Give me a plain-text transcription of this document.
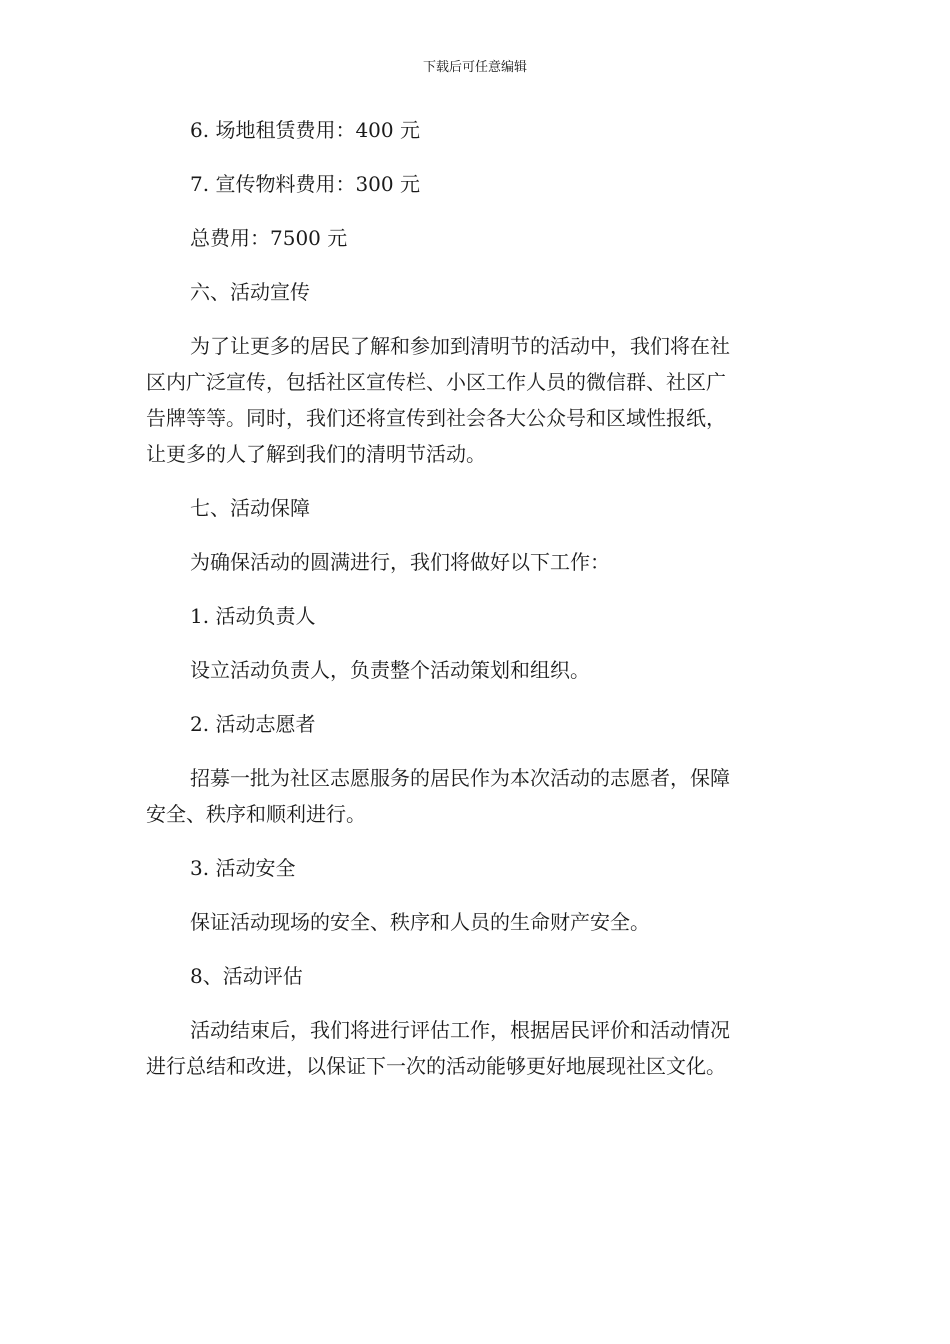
下载后可任意编辑

6. 场地租赁费用：400 元

7. 宣传物料费用：300 元

总费用：7500 元

六、活动宣传

为了让更多的居民了解和参加到清明节的活动中，我们将在社
区内广泛宣传，包括社区宣传栏、小区工作人员的微信群、社区广
告牌等等。同时，我们还将宣传到社会各大公众号和区域性报纸，
让更多的人了解到我们的清明节活动。

七、活动保障

为确保活动的圆满进行，我们将做好以下工作：

1. 活动负责人

设立活动负责人，负责整个活动策划和组织。

2. 活动志愿者

招募一批为社区志愿服务的居民作为本次活动的志愿者，保障
安全、秩序和顺利进行。

3. 活动安全

保证活动现场的安全、秩序和人员的生命财产安全。

8、活动评估

活动结束后，我们将进行评估工作，根据居民评价和活动情况
进行总结和改进，以保证下一次的活动能够更好地展现社区文化。
